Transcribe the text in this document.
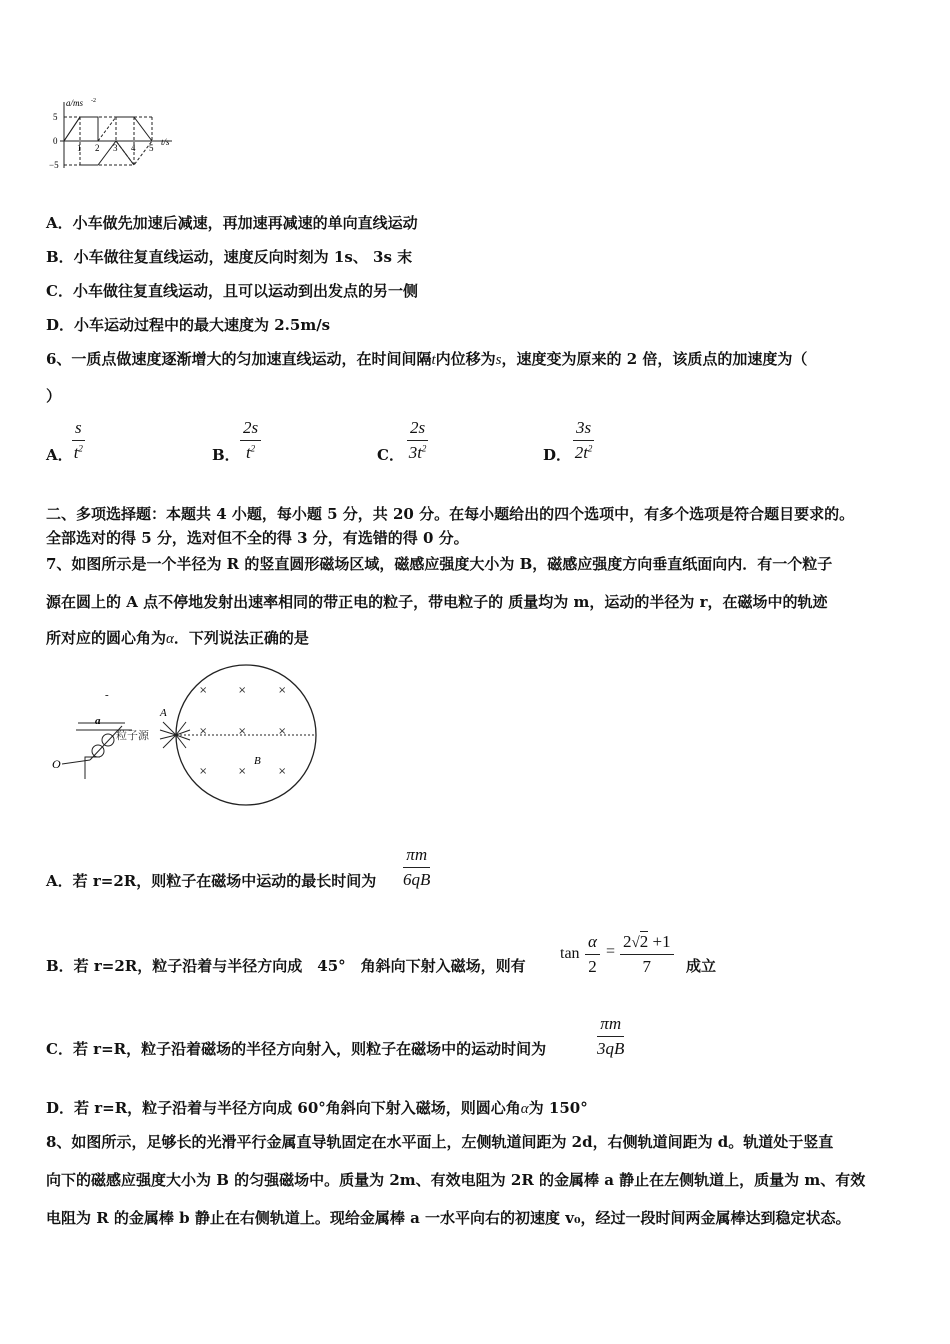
a/ms -2
t/s
5
0
−5
1 2 3 4 5
A．小车做先加速后减速，再加速再减速的单向直线运动
B．小车做往复直线运动，速度反向时刻为 1s、 3s 末
C．小车做往复直线运动，且可以运动到出发点的另一侧
D．小车运动过程中的最大速度为 2.5m/s
6、一质点做速度逐渐增大的匀加速直线运动，在时间间隔t内位移为s，速度变为原来的 2 倍，该质点的加速度为（
）
A． $\frac{s}{t^2}$	B． $\frac{2s}{t^2}$	C． $\frac{2s}{3t^2}$	D． $\frac{3s}{2t^2}$
二、多项选择题：本题共 4 小题，每小题 5 分，共 20 分。在每小题给出的四个选项中，有多个选项是符合题目要求的。
全部选对的得 5 分，选对但不全的得 3 分，有选错的得 0 分。
7、如图所示是一个半径为 R 的竖直圆形磁场区域，磁感应强度大小为 B，磁感应强度方向垂直纸面向内．有一个粒子
源在圆上的 A 点不停地发射出速率相同的带正电的粒子，带电粒子的 质量均为 m，运动的半径为 r，在磁场中的轨迹
所对应的圆心角为α．下列说法正确的是
×	×	×
×	×	×
×	×	×
粒子源
a
-
A
B
O
A．若 r=2R，则粒子在磁场中运动的最长时间为 $\frac{\pi m}{6qB}$
B．若 r=2R，粒子沿着与半径方向成　45°　角斜向下射入磁场，则有
$\tan \frac{\alpha}{2} = \frac{2√2 +1}{7}$ 成立
C．若 r=R，粒子沿着磁场的半径方向射入，则粒子在磁场中的运动时间为	$\frac{\pi m}{3qB}$
D．若 r=R，粒子沿着与半径方向成 60°角斜向下射入磁场，则圆心角α为 150°
8、如图所示，足够长的光滑平行金属直导轨固定在水平面上，左侧轨道间距为 2d，右侧轨道间距为 d。轨道处于竖直
向下的磁感应强度大小为 B 的匀强磁场中。质量为 2m、有效电阻为 2R 的金属棒 a 静止在左侧轨道上，质量为 m、有效
电阻为 R 的金属棒 b 静止在右侧轨道上。现给金属棒 a 一水平向右的初速度 v₀，经过一段时间两金属棒达到稳定状态。
